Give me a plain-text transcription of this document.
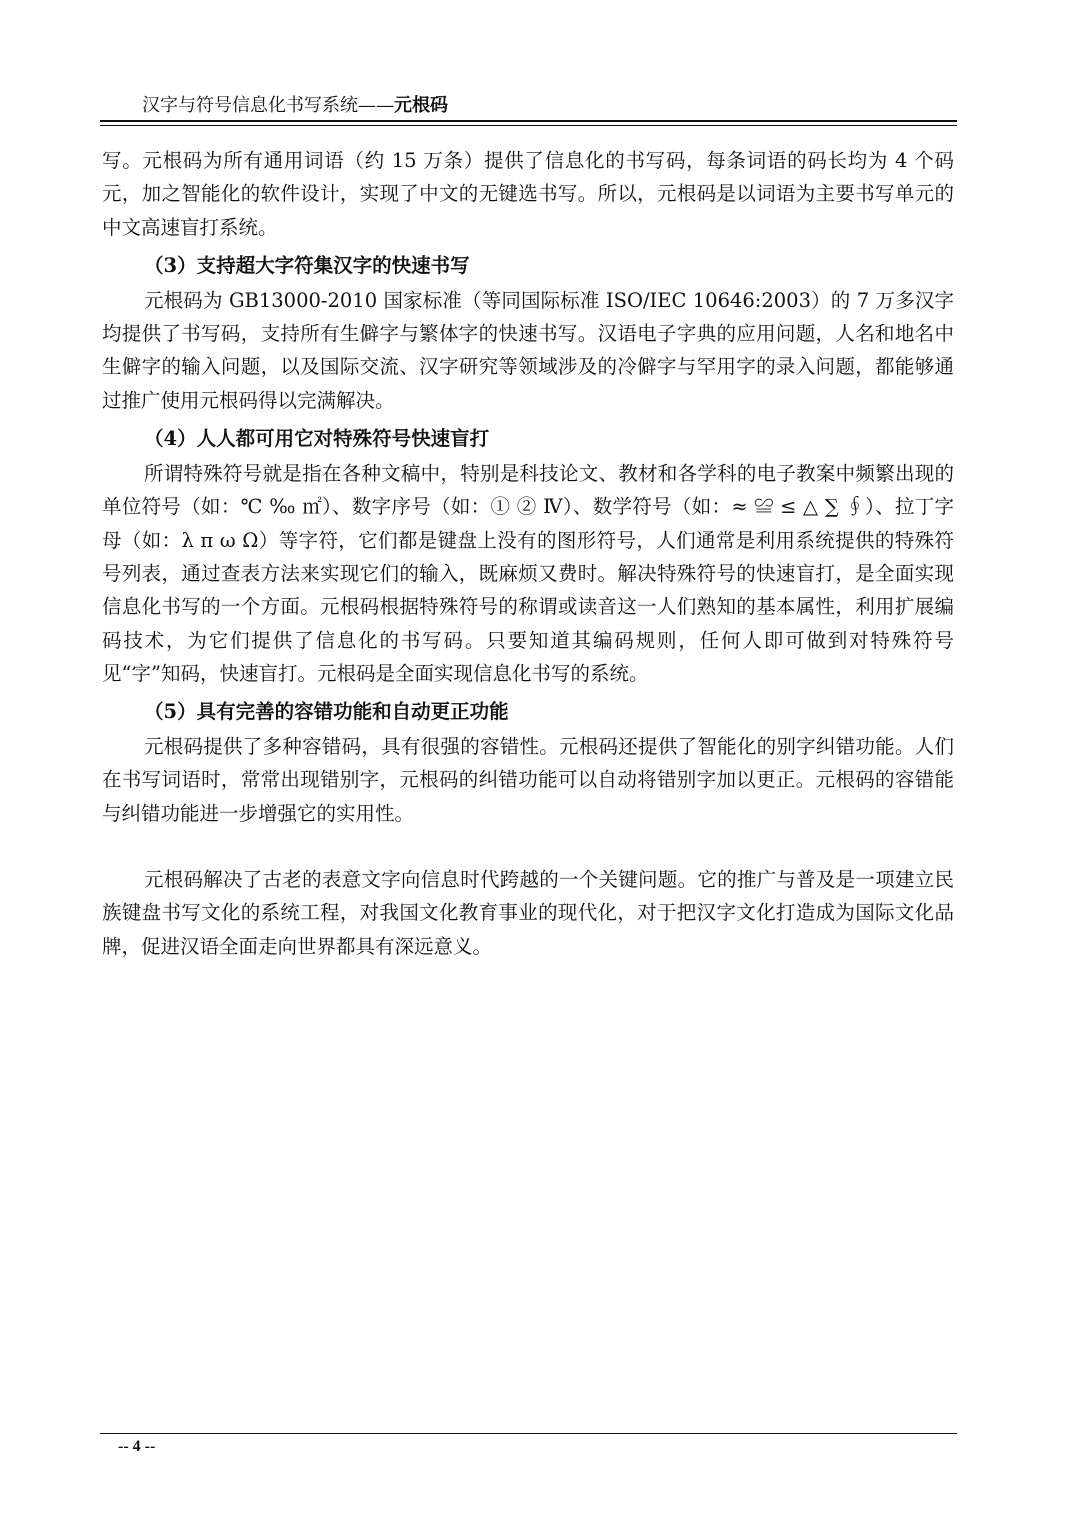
汉字与符号信息化书写系统——元根码

写。元根码为所有通用词语（约 15 万条）提供了信息化的书写码，每条词语的码长均为 4 个码元，加之智能化的软件设计，实现了中文的无键选书写。所以，元根码是以词语为主要书写单元的中文高速盲打系统。

（3）支持超大字符集汉字的快速书写

元根码为 GB13000-2010 国家标准（等同国际标准 ISO/IEC 10646:2003）的 7 万多汉字均提供了书写码，支持所有生僻字与繁体字的快速书写。汉语电子字典的应用问题，人名和地名中生僻字的输入问题，以及国际交流、汉字研究等领域涉及的冷僻字与罕用字的录入问题，都能够通过推广使用元根码得以完满解决。

（4）人人都可用它对特殊符号快速盲打

所谓特殊符号就是指在各种文稿中，特别是科技论文、教材和各学科的电子教案中频繁出现的单位符号（如：℃ ‰ ㎡）、数字序号（如：① ② Ⅳ）、数学符号（如：≈ ≌ ≤ △ ∑ ∮）、拉丁字母（如：λ π ω Ω）等字符，它们都是键盘上没有的图形符号，人们通常是利用系统提供的特殊符号列表，通过查表方法来实现它们的输入，既麻烦又费时。解决特殊符号的快速盲打，是全面实现信息化书写的一个方面。元根码根据特殊符号的称谓或读音这一人们熟知的基本属性，利用扩展编码技术，为它们提供了信息化的书写码。只要知道其编码规则，任何人即可做到对特殊符号见“字”知码，快速盲打。元根码是全面实现信息化书写的系统。

（5）具有完善的容错功能和自动更正功能

元根码提供了多种容错码，具有很强的容错性。元根码还提供了智能化的别字纠错功能。人们在书写词语时，常常出现错别字，元根码的纠错功能可以自动将错别字加以更正。元根码的容错能与纠错功能进一步增强它的实用性。

元根码解决了古老的表意文字向信息时代跨越的一个关键问题。它的推广与普及是一项建立民族键盘书写文化的系统工程，对我国文化教育事业的现代化，对于把汉字文化打造成为国际文化品牌，促进汉语全面走向世界都具有深远意义。

-- 4 --
